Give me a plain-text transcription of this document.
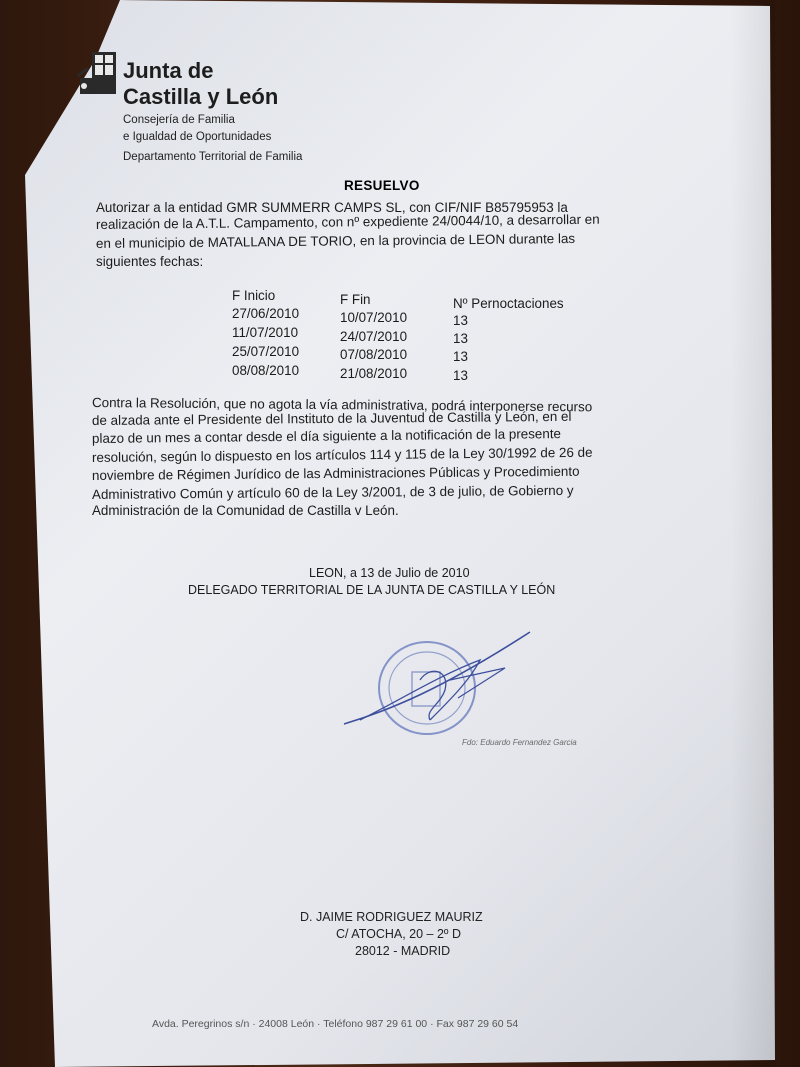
Junta de
Castilla y León
Consejería de Familia
e Igualdad de Oportunidades
Departamento Territorial de Familia
RESUELVO
Autorizar a la entidad GMR SUMMERR CAMPS SL, con CIF/NIF B85795953 la
realización de la A.T.L. Campamento, con nº expediente 24/0044/10, a desarrollar en
en el municipio de MATALLANA DE TORIO, en la provincia de LEON durante las
siguientes fechas:
F Inicio	F Fin	Nº Pernoctaciones
27/06/2010	10/07/2010	13
11/07/2010	24/07/2010	13
25/07/2010	07/08/2010	13
08/08/2010	21/08/2010	13
Contra la Resolución, que no agota la vía administrativa, podrá interponerse recurso
de alzada ante el Presidente del Instituto de la Juventud de Castilla y León, en el
plazo de un mes a contar desde el día siguiente a la notificación de la presente
resolución, según lo dispuesto en los artículos 114 y 115 de la Ley 30/1992 de 26 de
noviembre de Régimen Jurídico de las Administraciones Públicas y Procedimiento
Administrativo Común y artículo 60 de la Ley 3/2001, de 3 de julio, de Gobierno y
Administración de la Comunidad de Castilla v León.
LEON, a 13 de Julio de 2010
DELEGADO TERRITORIAL DE LA JUNTA DE CASTILLA Y LEÓN
Fdo: Eduardo Fernandez Garcia
D. JAIME RODRIGUEZ MAURIZ
C/ ATOCHA, 20 – 2º D
28012 - MADRID
Avda. Peregrinos s/n · 24008 León · Teléfono 987 29 61 00 · Fax 987 29 60 54
